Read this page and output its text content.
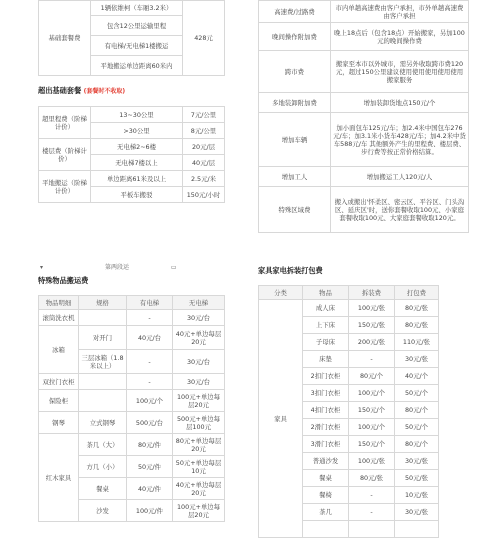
基础套餐费	1辆依维柯（车厢3.2米）	428元
包含12公里运输里程
有电梯/无电梯1楼搬运
平地搬运单边距离60米内

超出基础套餐 (套餐时不收取)

超里程费（阶梯计价）	13~30公里	7元/公里
	>30公里	8元/公里
楼层费（阶梯计价）	无电梯2~6楼	20元/层
	无电梯7楼以上	40元/层
平地搬运（阶梯计价）	单边距离61米及以上	2.5元/米
	平板车搬驳	150元/小时
高速费/过路费	市内单趟高速费由客户承担，市外单趟高速费由客户承担
晚间操作附加费	晚上18点后（包含18点）开始搬家，另加100元的晚间操作费
跨市费	搬家至本市以外城市，需另外收取跨市费120元，超过150公里建议使用使用使用使用使用搬家服务
多地装卸附加费	增加装卸货地点150元/个
增加车辆	加小面包车125元/车；加2.4米中国包车276元/车；加3.1米小货车428元/车；加4.2米中货车588元/车 其他额外产生的里程费、楼层费、步行费等按正常价格结算。
增加工人	增加搬运工人120元/人
特殊区域费	搬入或搬出'怀柔区、密云区、平谷区、门头沟区、延庆区'时，送你套餐收取100元、小家庭套餐收取100元、大家庭套餐收取120元。
▾	第两段运	▭

特殊物品搬运费

物品明细	规格	有电梯	无电梯
滚筒洗衣机		-	30元/台
冰箱	对开门	40元/台	40元+单边每层20元
	三层冰箱（1.8米以上）	-	30元/台
双拉门衣柜		-	30元/台
保险柜		100元/个	100元+单边每层20元
钢琴	立式钢琴	500元/台	500元+单边每层100元
红木家具	茶几（大）	80元/件	80元+单边每层20元
	方几（小）	50元/件	50元+单边每层10元
	餐桌	40元/件	40元+单边每层20元
	沙发	100元/件	100元+单边每层20元

家具家电拆装打包费

分类	物品	拆装费	打包费
家具	成人床	100元/张	80元/张
	上下床	150元/张	80元/张
	子母床	200元/张	110元/张
	床垫	-	30元/张
	2扣门衣柜	80元/个	40元/个
	3扣门衣柜	100元/个	50元/个
	4扣门衣柜	150元/个	80元/个
	2滑门衣柜	100元/个	50元/个
	3滑门衣柜	150元/个	80元/个
	普通沙发	100元/张	30元/张
	餐桌	80元/张	50元/张
	餐椅	-	10元/张
	茶几	-	30元/张
